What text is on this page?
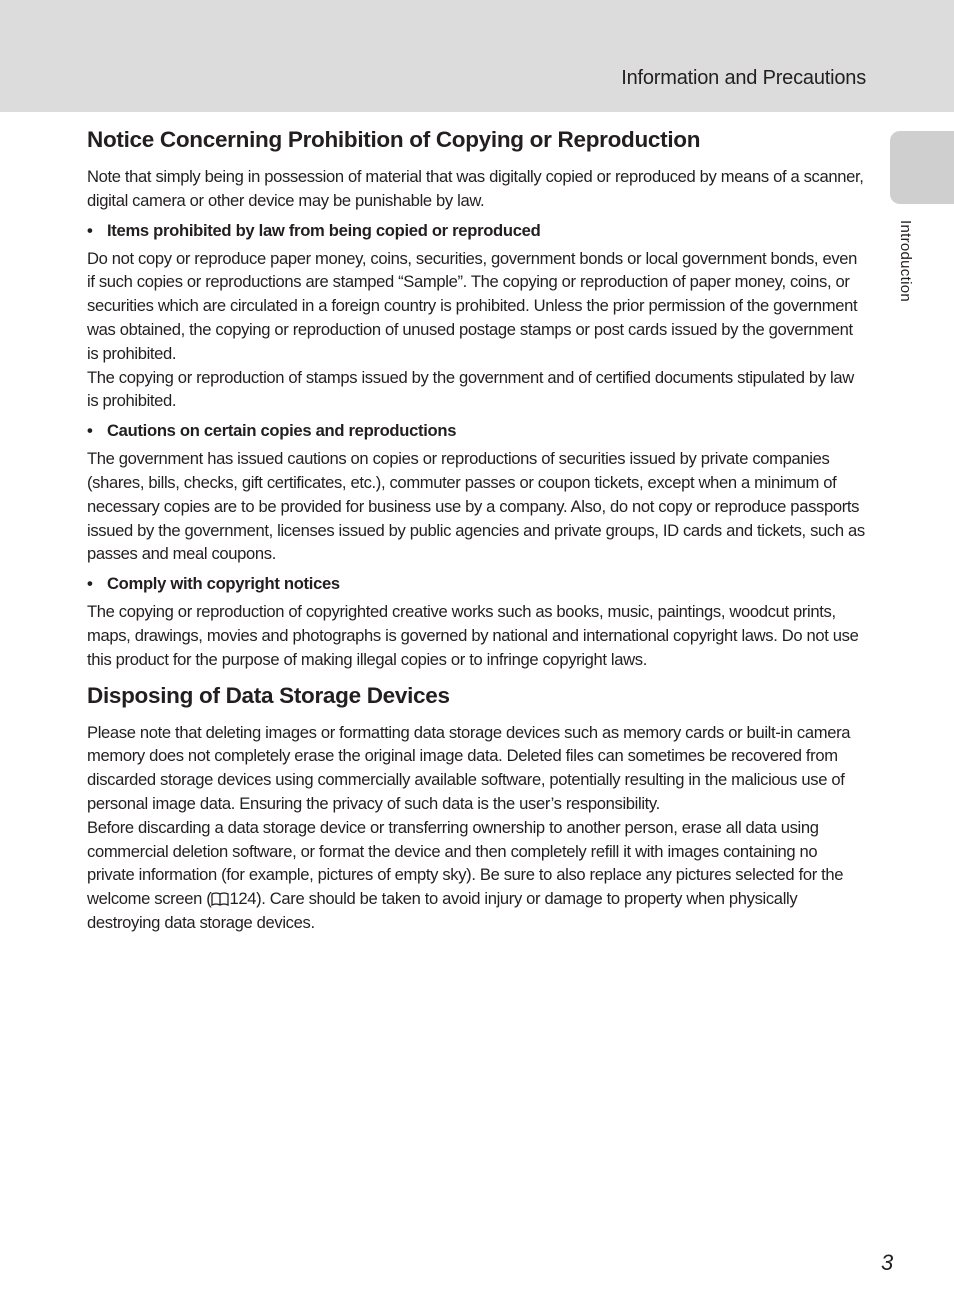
Information and Precautions
Introduction
Notice Concerning Prohibition of Copying or Reproduction

Note that simply being in possession of material that was digitally copied or reproduced by means of a scanner, digital camera or other device may be punishable by law.

• Items prohibited by law from being copied or reproduced

Do not copy or reproduce paper money, coins, securities, government bonds or local government bonds, even if such copies or reproductions are stamped “Sample”. The copying or reproduction of paper money, coins, or securities which are circulated in a foreign country is prohibited. Unless the prior permission of the government was obtained, the copying or reproduction of unused postage stamps or post cards issued by the government is prohibited.

The copying or reproduction of stamps issued by the government and of certified documents stipulated by law is prohibited.

• Cautions on certain copies and reproductions

The government has issued cautions on copies or reproductions of securities issued by private companies (shares, bills, checks, gift certificates, etc.), commuter passes or coupon tickets, except when a minimum of necessary copies are to be provided for business use by a company. Also, do not copy or reproduce passports issued by the government, licenses issued by public agencies and private groups, ID cards and tickets, such as passes and meal coupons.

• Comply with copyright notices

The copying or reproduction of copyrighted creative works such as books, music, paintings, woodcut prints, maps, drawings, movies and photographs is governed by national and international copyright laws. Do not use this product for the purpose of making illegal copies or to infringe copyright laws.

Disposing of Data Storage Devices

Please note that deleting images or formatting data storage devices such as memory cards or built-in camera memory does not completely erase the original image data. Deleted files can sometimes be recovered from discarded storage devices using commercially available software, potentially resulting in the malicious use of personal image data. Ensuring the privacy of such data is the user’s responsibility.

Before discarding a data storage device or transferring ownership to another person, erase all data using commercial deletion software, or format the device and then completely refill it with images containing no private information (for example, pictures of empty sky). Be sure to also replace any pictures selected for the welcome screen ( 124). Care should be taken to avoid injury or damage to property when physically destroying data storage devices.

3
